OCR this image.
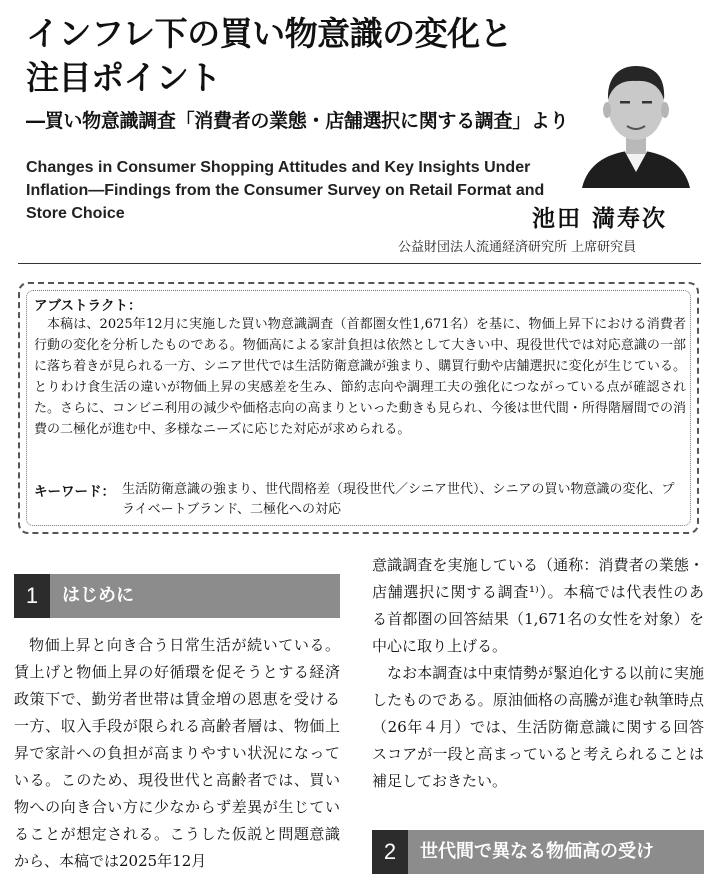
インフレ下の買い物意識の変化と
注目ポイント
―買い物意識調査「消費者の業態・店舗選択に関する調査」より
Changes in Consumer Shopping Attitudes and Key Insights Under Inflation—Findings from the Consumer Survey on Retail Format and Store Choice	池田 満寿次
公益財団法人流通経済研究所 上席研究員
アブストラクト：

本稿は、2025年12月に実施した買い物意識調査（首都圏女性1,671名）を基に、物価上昇下における消費者行動の変化を分析したものである。物価高による家計負担は依然として大きい中、現役世代では対応意識の一部に落ち着きが見られる一方、シニア世代では生活防衛意識が強まり、購買行動や店舗選択に変化が生じている。とりわけ食生活の違いが物価上昇の実感差を生み、節約志向や調理工夫の強化につながっている点が確認された。さらに、コンビニ利用の減少や価格志向の高まりといった動きも見られ、今後は世代間・所得階層間での消費の二極化が進む中、多様なニーズに応じた対応が求められる。

キーワード： 生活防衛意識の強まり、世代間格差（現役世代／シニア世代）、シニアの買い物意識の変化、プライベートブランド、二極化への対応

1	はじめに

物価上昇と向き合う日常生活が続いている。賃上げと物価上昇の好循環を促そうとする経済政策下で、勤労者世帯は賃金増の恩恵を受ける一方、収入手段が限られる高齢者層は、物価上昇で家計への負担が高まりやすい状況になっている。このため、現役世代と高齢者では、買い物への向き合い方に少なからず差異が生じていることが想定される。こうした仮説と問題意識から、本稿では2025年12月

意識調査を実施している（通称：消費者の業態・店舗選択に関する調査¹⁾）。本稿では代表性のある首都圏の回答結果（1,671名の女性を対象）を中心に取り上げる。

なお本調査は中東情勢が緊迫化する以前に実施したものである。原油価格の高騰が進む執筆時点（26年４月）では、生活防衛意識に関する回答スコアが一段と高まっていると考えられることは補足しておきたい。

2	世代間で異なる物価高の受け
